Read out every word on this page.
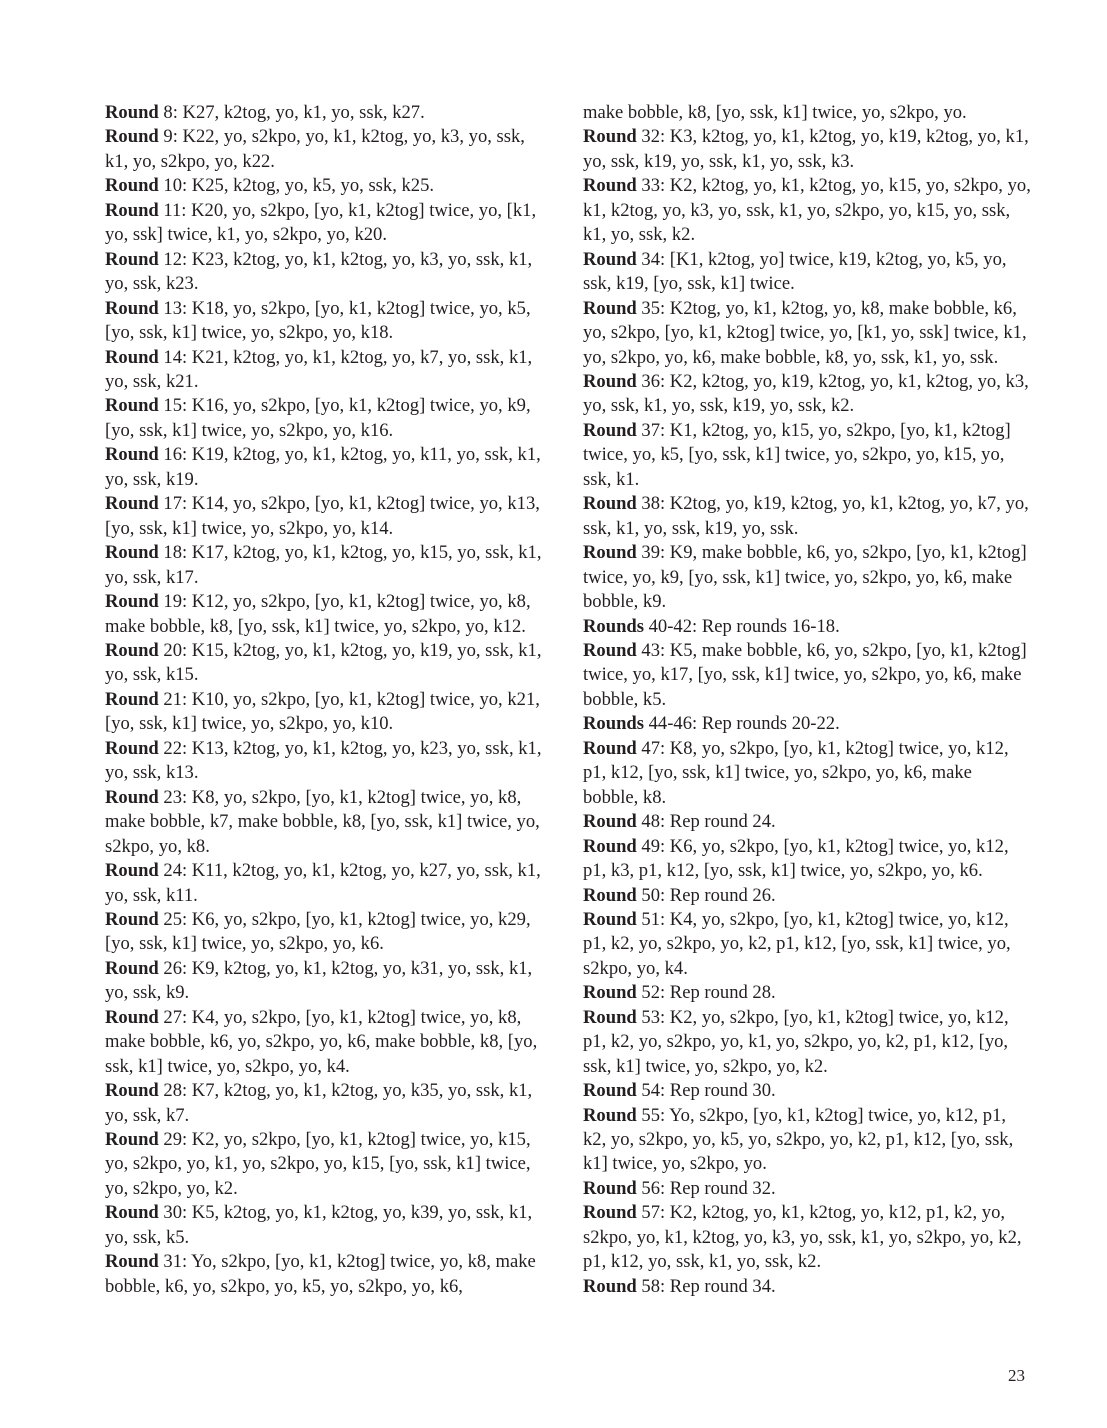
Round 8: K27, k2tog, yo, k1, yo, ssk, k27.

Round 9: K22, yo, s2kpo, yo, k1, k2tog, yo, k3, yo, ssk, k1, yo, s2kpo, yo, k22.

Round 10: K25, k2tog, yo, k5, yo, ssk, k25.

Round 11: K20, yo, s2kpo, [yo, k1, k2tog] twice, yo, [k1, yo, ssk] twice, k1, yo, s2kpo, yo, k20.

Round 12: K23, k2tog, yo, k1, k2tog, yo, k3, yo, ssk, k1, yo, ssk, k23.

Round 13: K18, yo, s2kpo, [yo, k1, k2tog] twice, yo, k5, [yo, ssk, k1] twice, yo, s2kpo, yo, k18.

Round 14: K21, k2tog, yo, k1, k2tog, yo, k7, yo, ssk, k1, yo, ssk, k21.

Round 15: K16, yo, s2kpo, [yo, k1, k2tog] twice, yo, k9, [yo, ssk, k1] twice, yo, s2kpo, yo, k16.

Round 16: K19, k2tog, yo, k1, k2tog, yo, k11, yo, ssk, k1, yo, ssk, k19.

Round 17: K14, yo, s2kpo, [yo, k1, k2tog] twice, yo, k13, [yo, ssk, k1] twice, yo, s2kpo, yo, k14.

Round 18: K17, k2tog, yo, k1, k2tog, yo, k15, yo, ssk, k1, yo, ssk, k17.

Round 19: K12, yo, s2kpo, [yo, k1, k2tog] twice, yo, k8, make bobble, k8, [yo, ssk, k1] twice, yo, s2kpo, yo, k12.

Round 20: K15, k2tog, yo, k1, k2tog, yo, k19, yo, ssk, k1, yo, ssk, k15.

Round 21: K10, yo, s2kpo, [yo, k1, k2tog] twice, yo, k21, [yo, ssk, k1] twice, yo, s2kpo, yo, k10.

Round 22: K13, k2tog, yo, k1, k2tog, yo, k23, yo, ssk, k1, yo, ssk, k13.

Round 23: K8, yo, s2kpo, [yo, k1, k2tog] twice, yo, k8, make bobble, k7, make bobble, k8, [yo, ssk, k1] twice, yo, s2kpo, yo, k8.

Round 24: K11, k2tog, yo, k1, k2tog, yo, k27, yo, ssk, k1, yo, ssk, k11.

Round 25: K6, yo, s2kpo, [yo, k1, k2tog] twice, yo, k29, [yo, ssk, k1] twice, yo, s2kpo, yo, k6.

Round 26: K9, k2tog, yo, k1, k2tog, yo, k31, yo, ssk, k1, yo, ssk, k9.

Round 27: K4, yo, s2kpo, [yo, k1, k2tog] twice, yo, k8, make bobble, k6, yo, s2kpo, yo, k6, make bobble, k8, [yo, ssk, k1] twice, yo, s2kpo, yo, k4.

Round 28: K7, k2tog, yo, k1, k2tog, yo, k35, yo, ssk, k1, yo, ssk, k7.

Round 29: K2, yo, s2kpo, [yo, k1, k2tog] twice, yo, k15, yo, s2kpo, yo, k1, yo, s2kpo, yo, k15, [yo, ssk, k1] twice, yo, s2kpo, yo, k2.

Round 30: K5, k2tog, yo, k1, k2tog, yo, k39, yo, ssk, k1, yo, ssk, k5.

Round 31: Yo, s2kpo, [yo, k1, k2tog] twice, yo, k8, make bobble, k6, yo, s2kpo, yo, k5, yo, s2kpo, yo, k6,

make bobble, k8, [yo, ssk, k1] twice, yo, s2kpo, yo.

Round 32: K3, k2tog, yo, k1, k2tog, yo, k19, k2tog, yo, k1, yo, ssk, k19, yo, ssk, k1, yo, ssk, k3.

Round 33: K2, k2tog, yo, k1, k2tog, yo, k15, yo, s2kpo, yo, k1, k2tog, yo, k3, yo, ssk, k1, yo, s2kpo, yo, k15, yo, ssk, k1, yo, ssk, k2.

Round 34: [K1, k2tog, yo] twice, k19, k2tog, yo, k5, yo, ssk, k19, [yo, ssk, k1] twice.

Round 35: K2tog, yo, k1, k2tog, yo, k8, make bobble, k6, yo, s2kpo, [yo, k1, k2tog] twice, yo, [k1, yo, ssk] twice, k1, yo, s2kpo, yo, k6, make bobble, k8, yo, ssk, k1, yo, ssk.

Round 36: K2, k2tog, yo, k19, k2tog, yo, k1, k2tog, yo, k3, yo, ssk, k1, yo, ssk, k19, yo, ssk, k2.

Round 37: K1, k2tog, yo, k15, yo, s2kpo, [yo, k1, k2tog] twice, yo, k5, [yo, ssk, k1] twice, yo, s2kpo, yo, k15, yo, ssk, k1.

Round 38: K2tog, yo, k19, k2tog, yo, k1, k2tog, yo, k7, yo, ssk, k1, yo, ssk, k19, yo, ssk.

Round 39: K9, make bobble, k6, yo, s2kpo, [yo, k1, k2tog] twice, yo, k9, [yo, ssk, k1] twice, yo, s2kpo, yo, k6, make bobble, k9.

Rounds 40-42: Rep rounds 16-18.

Round 43: K5, make bobble, k6, yo, s2kpo, [yo, k1, k2tog] twice, yo, k17, [yo, ssk, k1] twice, yo, s2kpo, yo, k6, make bobble, k5.

Rounds 44-46: Rep rounds 20-22.

Round 47: K8, yo, s2kpo, [yo, k1, k2tog] twice, yo, k12, p1, k12, [yo, ssk, k1] twice, yo, s2kpo, yo, k6, make bobble, k8.

Round 48: Rep round 24.

Round 49: K6, yo, s2kpo, [yo, k1, k2tog] twice, yo, k12, p1, k3, p1, k12, [yo, ssk, k1] twice, yo, s2kpo, yo, k6.

Round 50: Rep round 26.

Round 51: K4, yo, s2kpo, [yo, k1, k2tog] twice, yo, k12, p1, k2, yo, s2kpo, yo, k2, p1, k12, [yo, ssk, k1] twice, yo, s2kpo, yo, k4.

Round 52: Rep round 28.

Round 53: K2, yo, s2kpo, [yo, k1, k2tog] twice, yo, k12, p1, k2, yo, s2kpo, yo, k1, yo, s2kpo, yo, k2, p1, k12, [yo, ssk, k1] twice, yo, s2kpo, yo, k2.

Round 54: Rep round 30.

Round 55: Yo, s2kpo, [yo, k1, k2tog] twice, yo, k12, p1, k2, yo, s2kpo, yo, k5, yo, s2kpo, yo, k2, p1, k12, [yo, ssk, k1] twice, yo, s2kpo, yo.

Round 56: Rep round 32.

Round 57: K2, k2tog, yo, k1, k2tog, yo, k12, p1, k2, yo, s2kpo, yo, k1, k2tog, yo, k3, yo, ssk, k1, yo, s2kpo, yo, k2, p1, k12, yo, ssk, k1, yo, ssk, k2.

Round 58: Rep round 34.

23
